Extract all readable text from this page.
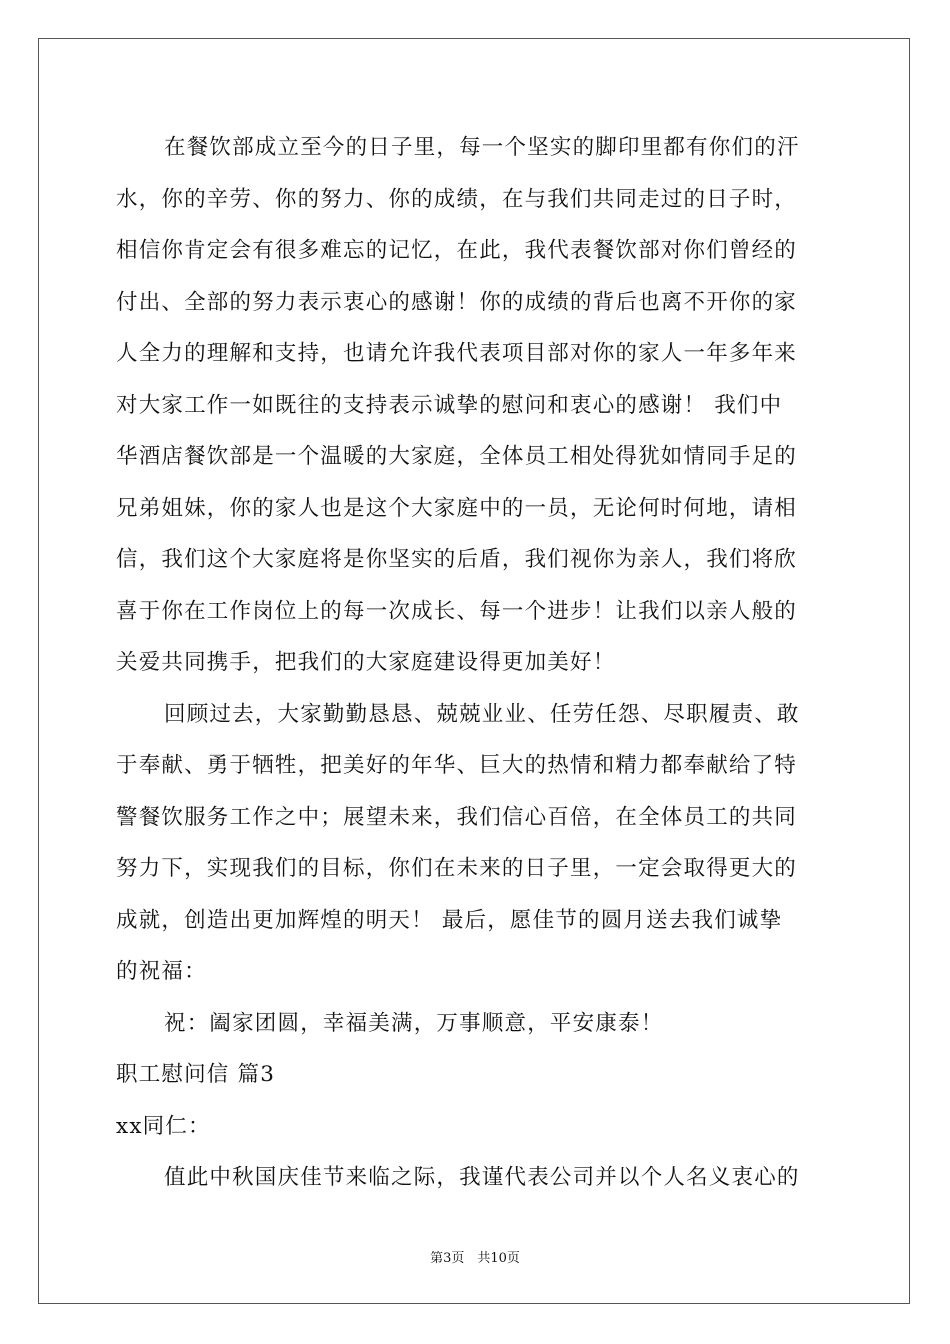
在餐饮部成立至今的日子里，每一个坚实的脚印里都有你们的汗
水，你的辛劳、你的努力、你的成绩，在与我们共同走过的日子时，
相信你肯定会有很多难忘的记忆，在此，我代表餐饮部对你们曾经的
付出、全部的努力表示衷心的感谢！你的成绩的背后也离不开你的家
人全力的理解和支持，也请允许我代表项目部对你的家人一年多年来
对大家工作一如既往的支持表示诚挚的慰问和衷心的感谢！ 我们中
华酒店餐饮部是一个温暖的大家庭，全体员工相处得犹如情同手足的
兄弟姐妹，你的家人也是这个大家庭中的一员，无论何时何地，请相
信，我们这个大家庭将是你坚实的后盾，我们视你为亲人，我们将欣
喜于你在工作岗位上的每一次成长、每一个进步！让我们以亲人般的
关爱共同携手，把我们的大家庭建设得更加美好！
回顾过去，大家勤勤恳恳、兢兢业业、任劳任怨、尽职履责、敢
于奉献、勇于牺牲，把美好的年华、巨大的热情和精力都奉献给了特
警餐饮服务工作之中；展望未来，我们信心百倍，在全体员工的共同
努力下，实现我们的目标，你们在未来的日子里，一定会取得更大的
成就，创造出更加辉煌的明天！ 最后，愿佳节的圆月送去我们诚挚
的祝福：
祝：阖家团圆，幸福美满，万事顺意，平安康泰！
职工慰问信 篇3
xx同仁：
值此中秋国庆佳节来临之际，我谨代表公司并以个人名义衷心的
第3页　共10页
